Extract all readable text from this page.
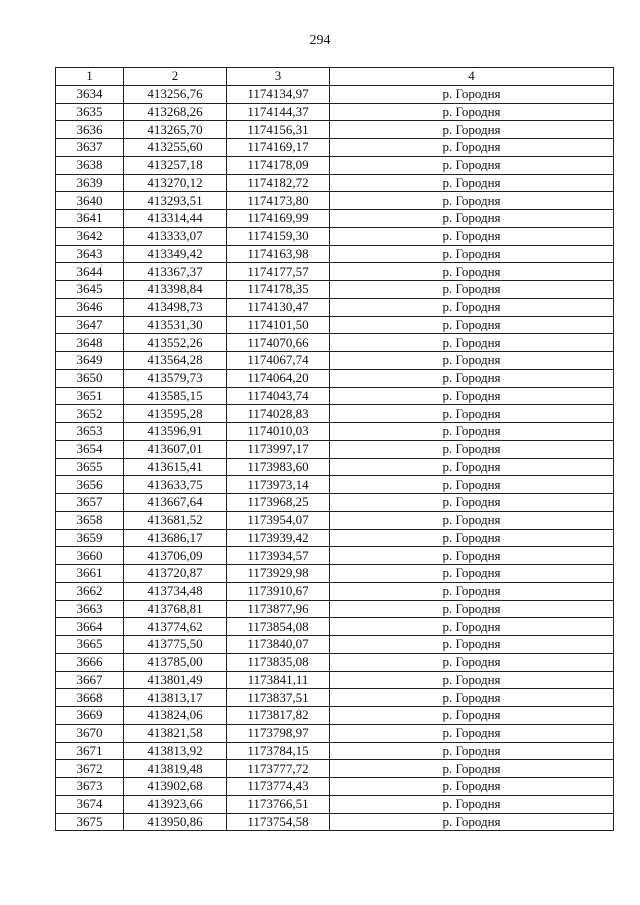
294
1	2	3	4
3634	413256,76	1174134,97	р. Городня
3635	413268,26	1174144,37	р. Городня
3636	413265,70	1174156,31	р. Городня
3637	413255,60	1174169,17	р. Городня
3638	413257,18	1174178,09	р. Городня
3639	413270,12	1174182,72	р. Городня
3640	413293,51	1174173,80	р. Городня
3641	413314,44	1174169,99	р. Городня
3642	413333,07	1174159,30	р. Городня
3643	413349,42	1174163,98	р. Городня
3644	413367,37	1174177,57	р. Городня
3645	413398,84	1174178,35	р. Городня
3646	413498,73	1174130,47	р. Городня
3647	413531,30	1174101,50	р. Городня
3648	413552,26	1174070,66	р. Городня
3649	413564,28	1174067,74	р. Городня
3650	413579,73	1174064,20	р. Городня
3651	413585,15	1174043,74	р. Городня
3652	413595,28	1174028,83	р. Городня
3653	413596,91	1174010,03	р. Городня
3654	413607,01	1173997,17	р. Городня
3655	413615,41	1173983,60	р. Городня
3656	413633,75	1173973,14	р. Городня
3657	413667,64	1173968,25	р. Городня
3658	413681,52	1173954,07	р. Городня
3659	413686,17	1173939,42	р. Городня
3660	413706,09	1173934,57	р. Городня
3661	413720,87	1173929,98	р. Городня
3662	413734,48	1173910,67	р. Городня
3663	413768,81	1173877,96	р. Городня
3664	413774,62	1173854,08	р. Городня
3665	413775,50	1173840,07	р. Городня
3666	413785,00	1173835,08	р. Городня
3667	413801,49	1173841,11	р. Городня
3668	413813,17	1173837,51	р. Городня
3669	413824,06	1173817,82	р. Городня
3670	413821,58	1173798,97	р. Городня
3671	413813,92	1173784,15	р. Городня
3672	413819,48	1173777,72	р. Городня
3673	413902,68	1173774,43	р. Городня
3674	413923,66	1173766,51	р. Городня
3675	413950,86	1173754,58	р. Городня
